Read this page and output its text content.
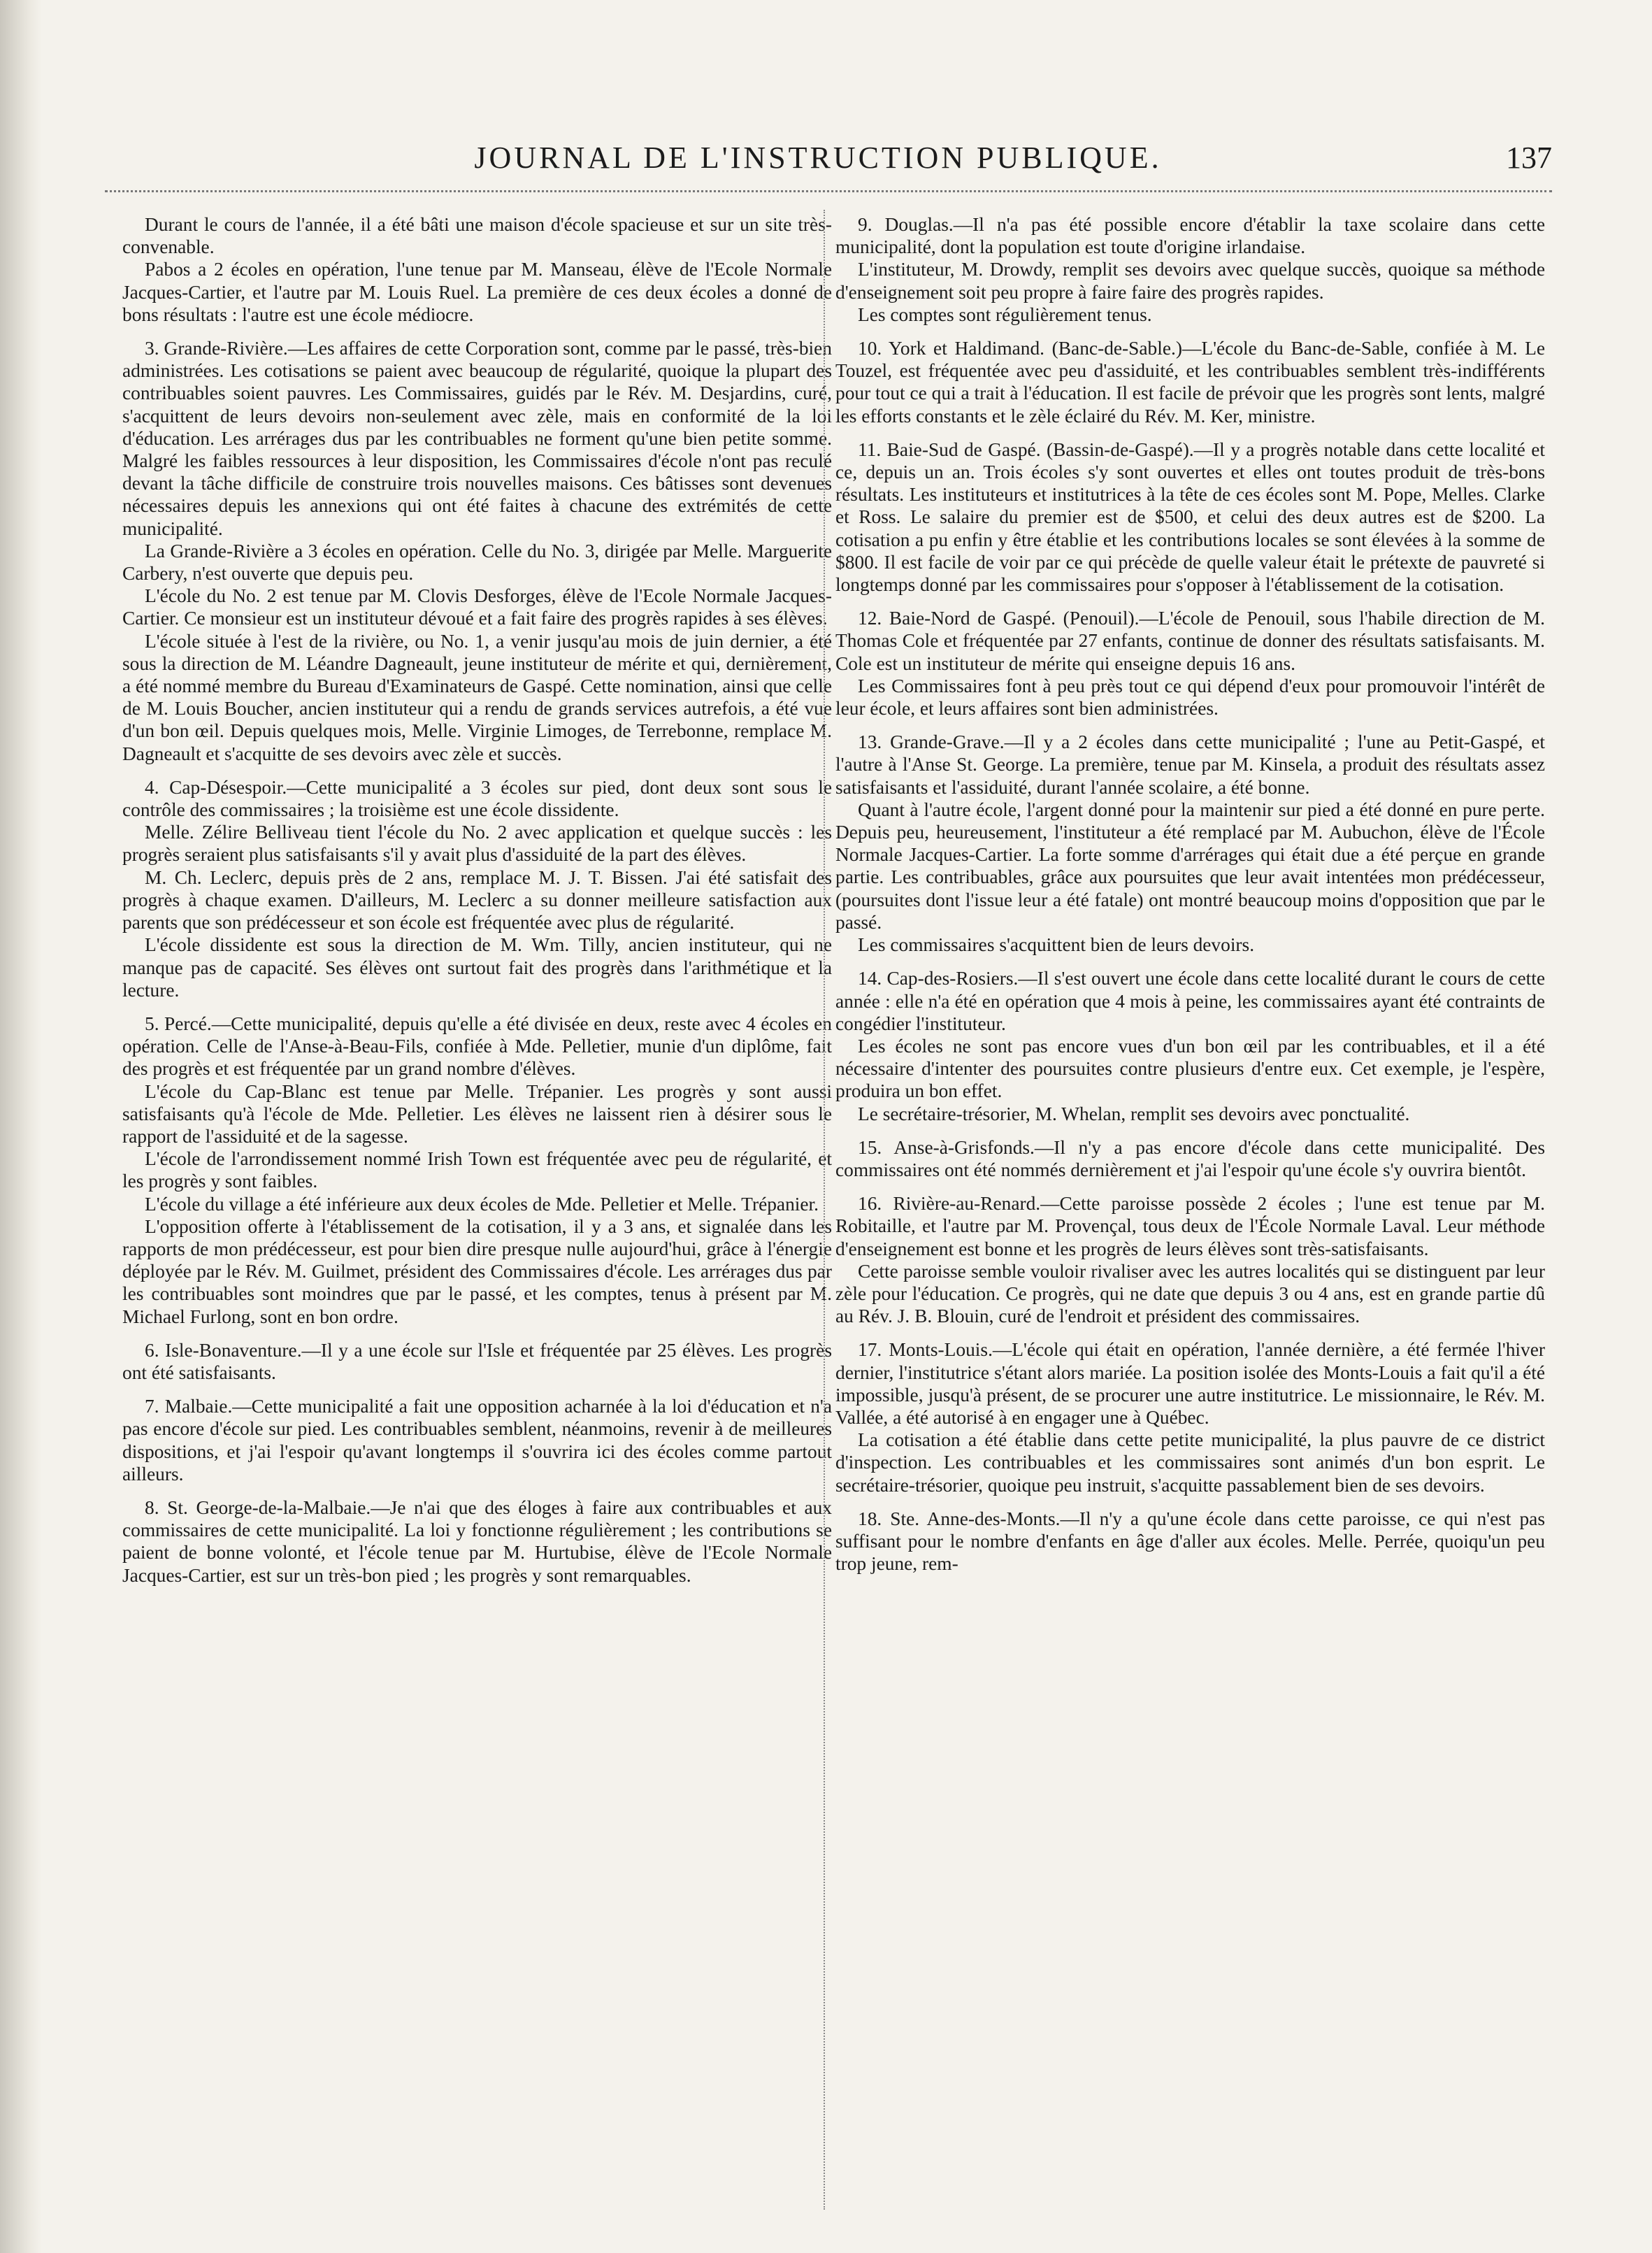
JOURNAL DE L'INSTRUCTION PUBLIQUE.	137

Durant le cours de l'année, il a été bâti une maison d'école spacieuse et sur un site très-convenable.

Pabos a 2 écoles en opération, l'une tenue par M. Manseau, élève de l'Ecole Normale Jacques-Cartier, et l'autre par M. Louis Ruel. La première de ces deux écoles a donné de bons résultats : l'autre est une école médiocre.

3. Grande-Rivière.—Les affaires de cette Corporation sont, comme par le passé, très-bien administrées. Les cotisations se paient avec beaucoup de régularité, quoique la plupart des contribuables soient pauvres. Les Commissaires, guidés par le Rév. M. Desjardins, curé, s'acquittent de leurs devoirs non-seulement avec zèle, mais en conformité de la loi d'éducation. Les arrérages dus par les contribuables ne forment qu'une bien petite somme. Malgré les faibles ressources à leur disposition, les Commissaires d'école n'ont pas reculé devant la tâche difficile de construire trois nouvelles maisons. Ces bâtisses sont devenues nécessaires depuis les annexions qui ont été faites à chacune des extrémités de cette municipalité.

La Grande-Rivière a 3 écoles en opération. Celle du No. 3, dirigée par Melle. Marguerite Carbery, n'est ouverte que depuis peu.

L'école du No. 2 est tenue par M. Clovis Desforges, élève de l'Ecole Normale Jacques-Cartier. Ce monsieur est un instituteur dévoué et a fait faire des progrès rapides à ses élèves.

L'école située à l'est de la rivière, ou No. 1, a venir jusqu'au mois de juin dernier, a été sous la direction de M. Léandre Dagneault, jeune instituteur de mérite et qui, dernièrement, a été nommé membre du Bureau d'Examinateurs de Gaspé. Cette nomination, ainsi que celle de M. Louis Boucher, ancien instituteur qui a rendu de grands services autrefois, a été vue d'un bon œil. Depuis quelques mois, Melle. Virginie Limoges, de Terrebonne, remplace M. Dagneault et s'acquitte de ses devoirs avec zèle et succès.

4. Cap-Désespoir.—Cette municipalité a 3 écoles sur pied, dont deux sont sous le contrôle des commissaires ; la troisième est une école dissidente.

Melle. Zélire Belliveau tient l'école du No. 2 avec application et quelque succès : les progrès seraient plus satisfaisants s'il y avait plus d'assiduité de la part des élèves.

M. Ch. Leclerc, depuis près de 2 ans, remplace M. J. T. Bissen. J'ai été satisfait des progrès à chaque examen. D'ailleurs, M. Leclerc a su donner meilleure satisfaction aux parents que son prédécesseur et son école est fréquentée avec plus de régularité.

L'école dissidente est sous la direction de M. Wm. Tilly, ancien instituteur, qui ne manque pas de capacité. Ses élèves ont surtout fait des progrès dans l'arithmétique et la lecture.

5. Percé.—Cette municipalité, depuis qu'elle a été divisée en deux, reste avec 4 écoles en opération. Celle de l'Anse-à-Beau-Fils, confiée à Mde. Pelletier, munie d'un diplôme, fait des progrès et est fréquentée par un grand nombre d'élèves.

L'école du Cap-Blanc est tenue par Melle. Trépanier. Les progrès y sont aussi satisfaisants qu'à l'école de Mde. Pelletier. Les élèves ne laissent rien à désirer sous le rapport de l'assiduité et de la sagesse.

L'école de l'arrondissement nommé Irish Town est fréquentée avec peu de régularité, et les progrès y sont faibles.

L'école du village a été inférieure aux deux écoles de Mde. Pelletier et Melle. Trépanier.

L'opposition offerte à l'établissement de la cotisation, il y a 3 ans, et signalée dans les rapports de mon prédécesseur, est pour bien dire presque nulle aujourd'hui, grâce à l'énergie déployée par le Rév. M. Guilmet, président des Commissaires d'école. Les arrérages dus par les contribuables sont moindres que par le passé, et les comptes, tenus à présent par M. Michael Furlong, sont en bon ordre.

6. Isle-Bonaventure.—Il y a une école sur l'Isle et fréquentée par 25 élèves. Les progrès ont été satisfaisants.

7. Malbaie.—Cette municipalité a fait une opposition acharnée à la loi d'éducation et n'a pas encore d'école sur pied. Les contribuables semblent, néanmoins, revenir à de meilleures dispositions, et j'ai l'espoir qu'avant longtemps il s'ouvrira ici des écoles comme partout ailleurs.

8. St. George-de-la-Malbaie.—Je n'ai que des éloges à faire aux contribuables et aux commissaires de cette municipalité. La loi y fonctionne régulièrement ; les contributions se paient de bonne volonté, et l'école tenue par M. Hurtubise, élève de l'Ecole Normale Jacques-Cartier, est sur un très-bon pied ; les progrès y sont remarquables.

9. Douglas.—Il n'a pas été possible encore d'établir la taxe scolaire dans cette municipalité, dont la population est toute d'origine irlandaise.

L'instituteur, M. Drowdy, remplit ses devoirs avec quelque succès, quoique sa méthode d'enseignement soit peu propre à faire faire des progrès rapides.

Les comptes sont régulièrement tenus.

10. York et Haldimand. (Banc-de-Sable.)—L'école du Banc-de-Sable, confiée à M. Le Touzel, est fréquentée avec peu d'assiduité, et les contribuables semblent très-indifférents pour tout ce qui a trait à l'éducation. Il est facile de prévoir que les progrès sont lents, malgré les efforts constants et le zèle éclairé du Rév. M. Ker, ministre.

11. Baie-Sud de Gaspé. (Bassin-de-Gaspé).—Il y a progrès notable dans cette localité et ce, depuis un an. Trois écoles s'y sont ouvertes et elles ont toutes produit de très-bons résultats. Les instituteurs et institutrices à la tête de ces écoles sont M. Pope, Melles. Clarke et Ross. Le salaire du premier est de $500, et celui des deux autres est de $200. La cotisation a pu enfin y être établie et les contributions locales se sont élevées à la somme de $800. Il est facile de voir par ce qui précède de quelle valeur était le prétexte de pauvreté si longtemps donné par les commissaires pour s'opposer à l'établissement de la cotisation.

12. Baie-Nord de Gaspé. (Penouil).—L'école de Penouil, sous l'habile direction de M. Thomas Cole et fréquentée par 27 enfants, continue de donner des résultats satisfaisants. M. Cole est un instituteur de mérite qui enseigne depuis 16 ans.

Les Commissaires font à peu près tout ce qui dépend d'eux pour promouvoir l'intérêt de leur école, et leurs affaires sont bien administrées.

13. Grande-Grave.—Il y a 2 écoles dans cette municipalité ; l'une au Petit-Gaspé, et l'autre à l'Anse St. George. La première, tenue par M. Kinsela, a produit des résultats assez satisfaisants et l'assiduité, durant l'année scolaire, a été bonne.

Quant à l'autre école, l'argent donné pour la maintenir sur pied a été donné en pure perte. Depuis peu, heureusement, l'instituteur a été remplacé par M. Aubuchon, élève de l'École Normale Jacques-Cartier. La forte somme d'arrérages qui était due a été perçue en grande partie. Les contribuables, grâce aux poursuites que leur avait intentées mon prédécesseur, (poursuites dont l'issue leur a été fatale) ont montré beaucoup moins d'opposition que par le passé.

Les commissaires s'acquittent bien de leurs devoirs.

14. Cap-des-Rosiers.—Il s'est ouvert une école dans cette localité durant le cours de cette année : elle n'a été en opération que 4 mois à peine, les commissaires ayant été contraints de congédier l'instituteur.

Les écoles ne sont pas encore vues d'un bon œil par les contribuables, et il a été nécessaire d'intenter des poursuites contre plusieurs d'entre eux. Cet exemple, je l'espère, produira un bon effet.

Le secrétaire-trésorier, M. Whelan, remplit ses devoirs avec ponctualité.

15. Anse-à-Grisfonds.—Il n'y a pas encore d'école dans cette municipalité. Des commissaires ont été nommés dernièrement et j'ai l'espoir qu'une école s'y ouvrira bientôt.

16. Rivière-au-Renard.—Cette paroisse possède 2 écoles ; l'une est tenue par M. Robitaille, et l'autre par M. Provençal, tous deux de l'École Normale Laval. Leur méthode d'enseignement est bonne et les progrès de leurs élèves sont très-satisfaisants.

Cette paroisse semble vouloir rivaliser avec les autres localités qui se distinguent par leur zèle pour l'éducation. Ce progrès, qui ne date que depuis 3 ou 4 ans, est en grande partie dû au Rév. J. B. Blouin, curé de l'endroit et président des commissaires.

17. Monts-Louis.—L'école qui était en opération, l'année dernière, a été fermée l'hiver dernier, l'institutrice s'étant alors mariée. La position isolée des Monts-Louis a fait qu'il a été impossible, jusqu'à présent, de se procurer une autre institutrice. Le missionnaire, le Rév. M. Vallée, a été autorisé à en engager une à Québec.

La cotisation a été établie dans cette petite municipalité, la plus pauvre de ce district d'inspection. Les contribuables et les commissaires sont animés d'un bon esprit. Le secrétaire-trésorier, quoique peu instruit, s'acquitte passablement bien de ses devoirs.

18. Ste. Anne-des-Monts.—Il n'y a qu'une école dans cette paroisse, ce qui n'est pas suffisant pour le nombre d'enfants en âge d'aller aux écoles. Melle. Perrée, quoiqu'un peu trop jeune, rem-
